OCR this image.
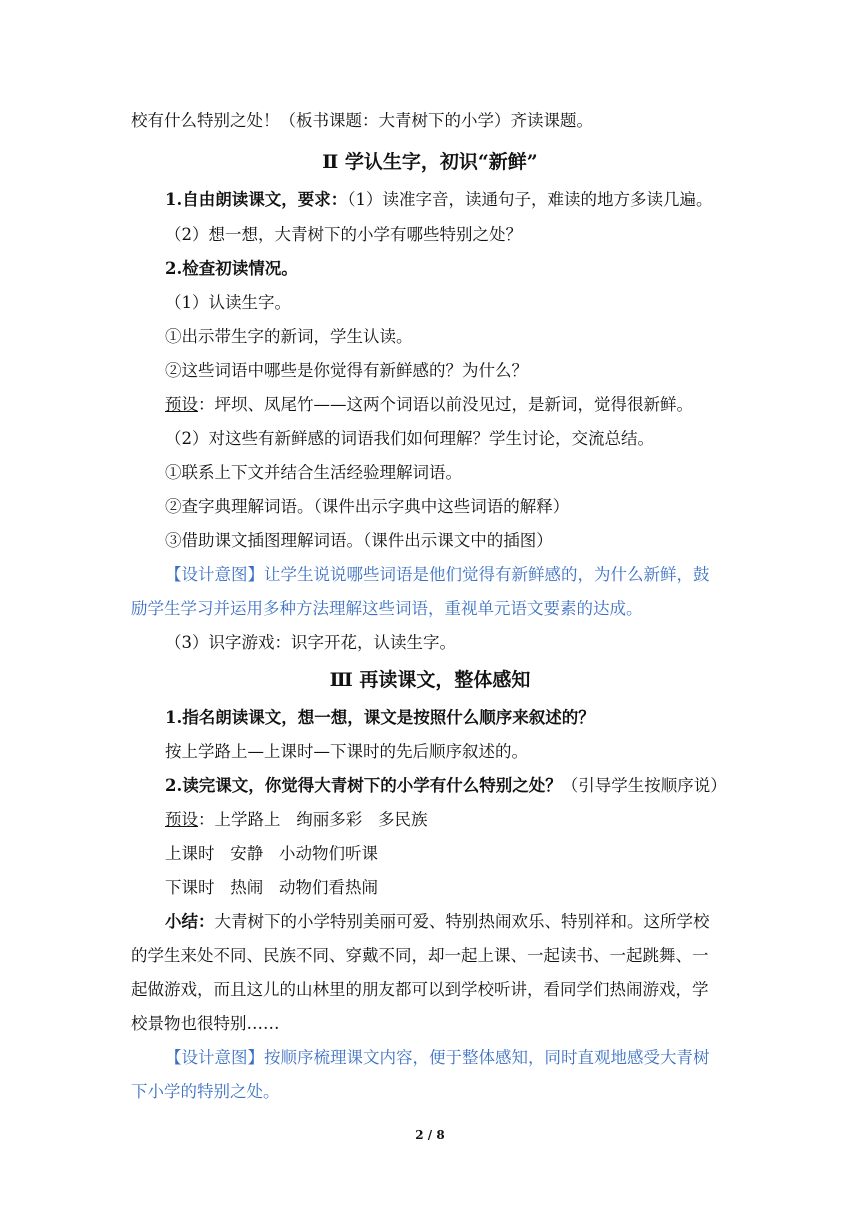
校有什么特别之处！（板书课题：大青树下的小学）齐读课题。
Ⅱ 学认生字，初识“新鲜”
1.自由朗读课文，要求：（1）读准字音，读通句子，难读的地方多读几遍。
（2）想一想，大青树下的小学有哪些特别之处？
2.检查初读情况。
（1）认读生字。
①出示带生字的新词，学生认读。
②这些词语中哪些是你觉得有新鲜感的？为什么？
预设：坪坝、凤尾竹——这两个词语以前没见过，是新词，觉得很新鲜。
（2）对这些有新鲜感的词语我们如何理解？学生讨论，交流总结。
①联系上下文并结合生活经验理解词语。
②查字典理解词语。（课件出示字典中这些词语的解释）
③借助课文插图理解词语。（课件出示课文中的插图）
【设计意图】让学生说说哪些词语是他们觉得有新鲜感的，为什么新鲜，鼓
励学生学习并运用多种方法理解这些词语，重视单元语文要素的达成。
（3）识字游戏：识字开花，认读生字。
Ⅲ 再读课文，整体感知
1.指名朗读课文，想一想，课文是按照什么顺序来叙述的？
按上学路上—上课时—下课时的先后顺序叙述的。
2.读完课文，你觉得大青树下的小学有什么特别之处？（引导学生按顺序说）
预设：上学路上   绚丽多彩   多民族
上课时   安静   小动物们听课
下课时   热闹   动物们看热闹
小结：大青树下的小学特别美丽可爱、特别热闹欢乐、特别祥和。这所学校
的学生来处不同、民族不同、穿戴不同，却一起上课、一起读书、一起跳舞、一
起做游戏，而且这儿的山林里的朋友都可以到学校听讲，看同学们热闹游戏，学
校景物也很特别……
【设计意图】按顺序梳理课文内容，便于整体感知，同时直观地感受大青树
下小学的特别之处。
2 / 8
